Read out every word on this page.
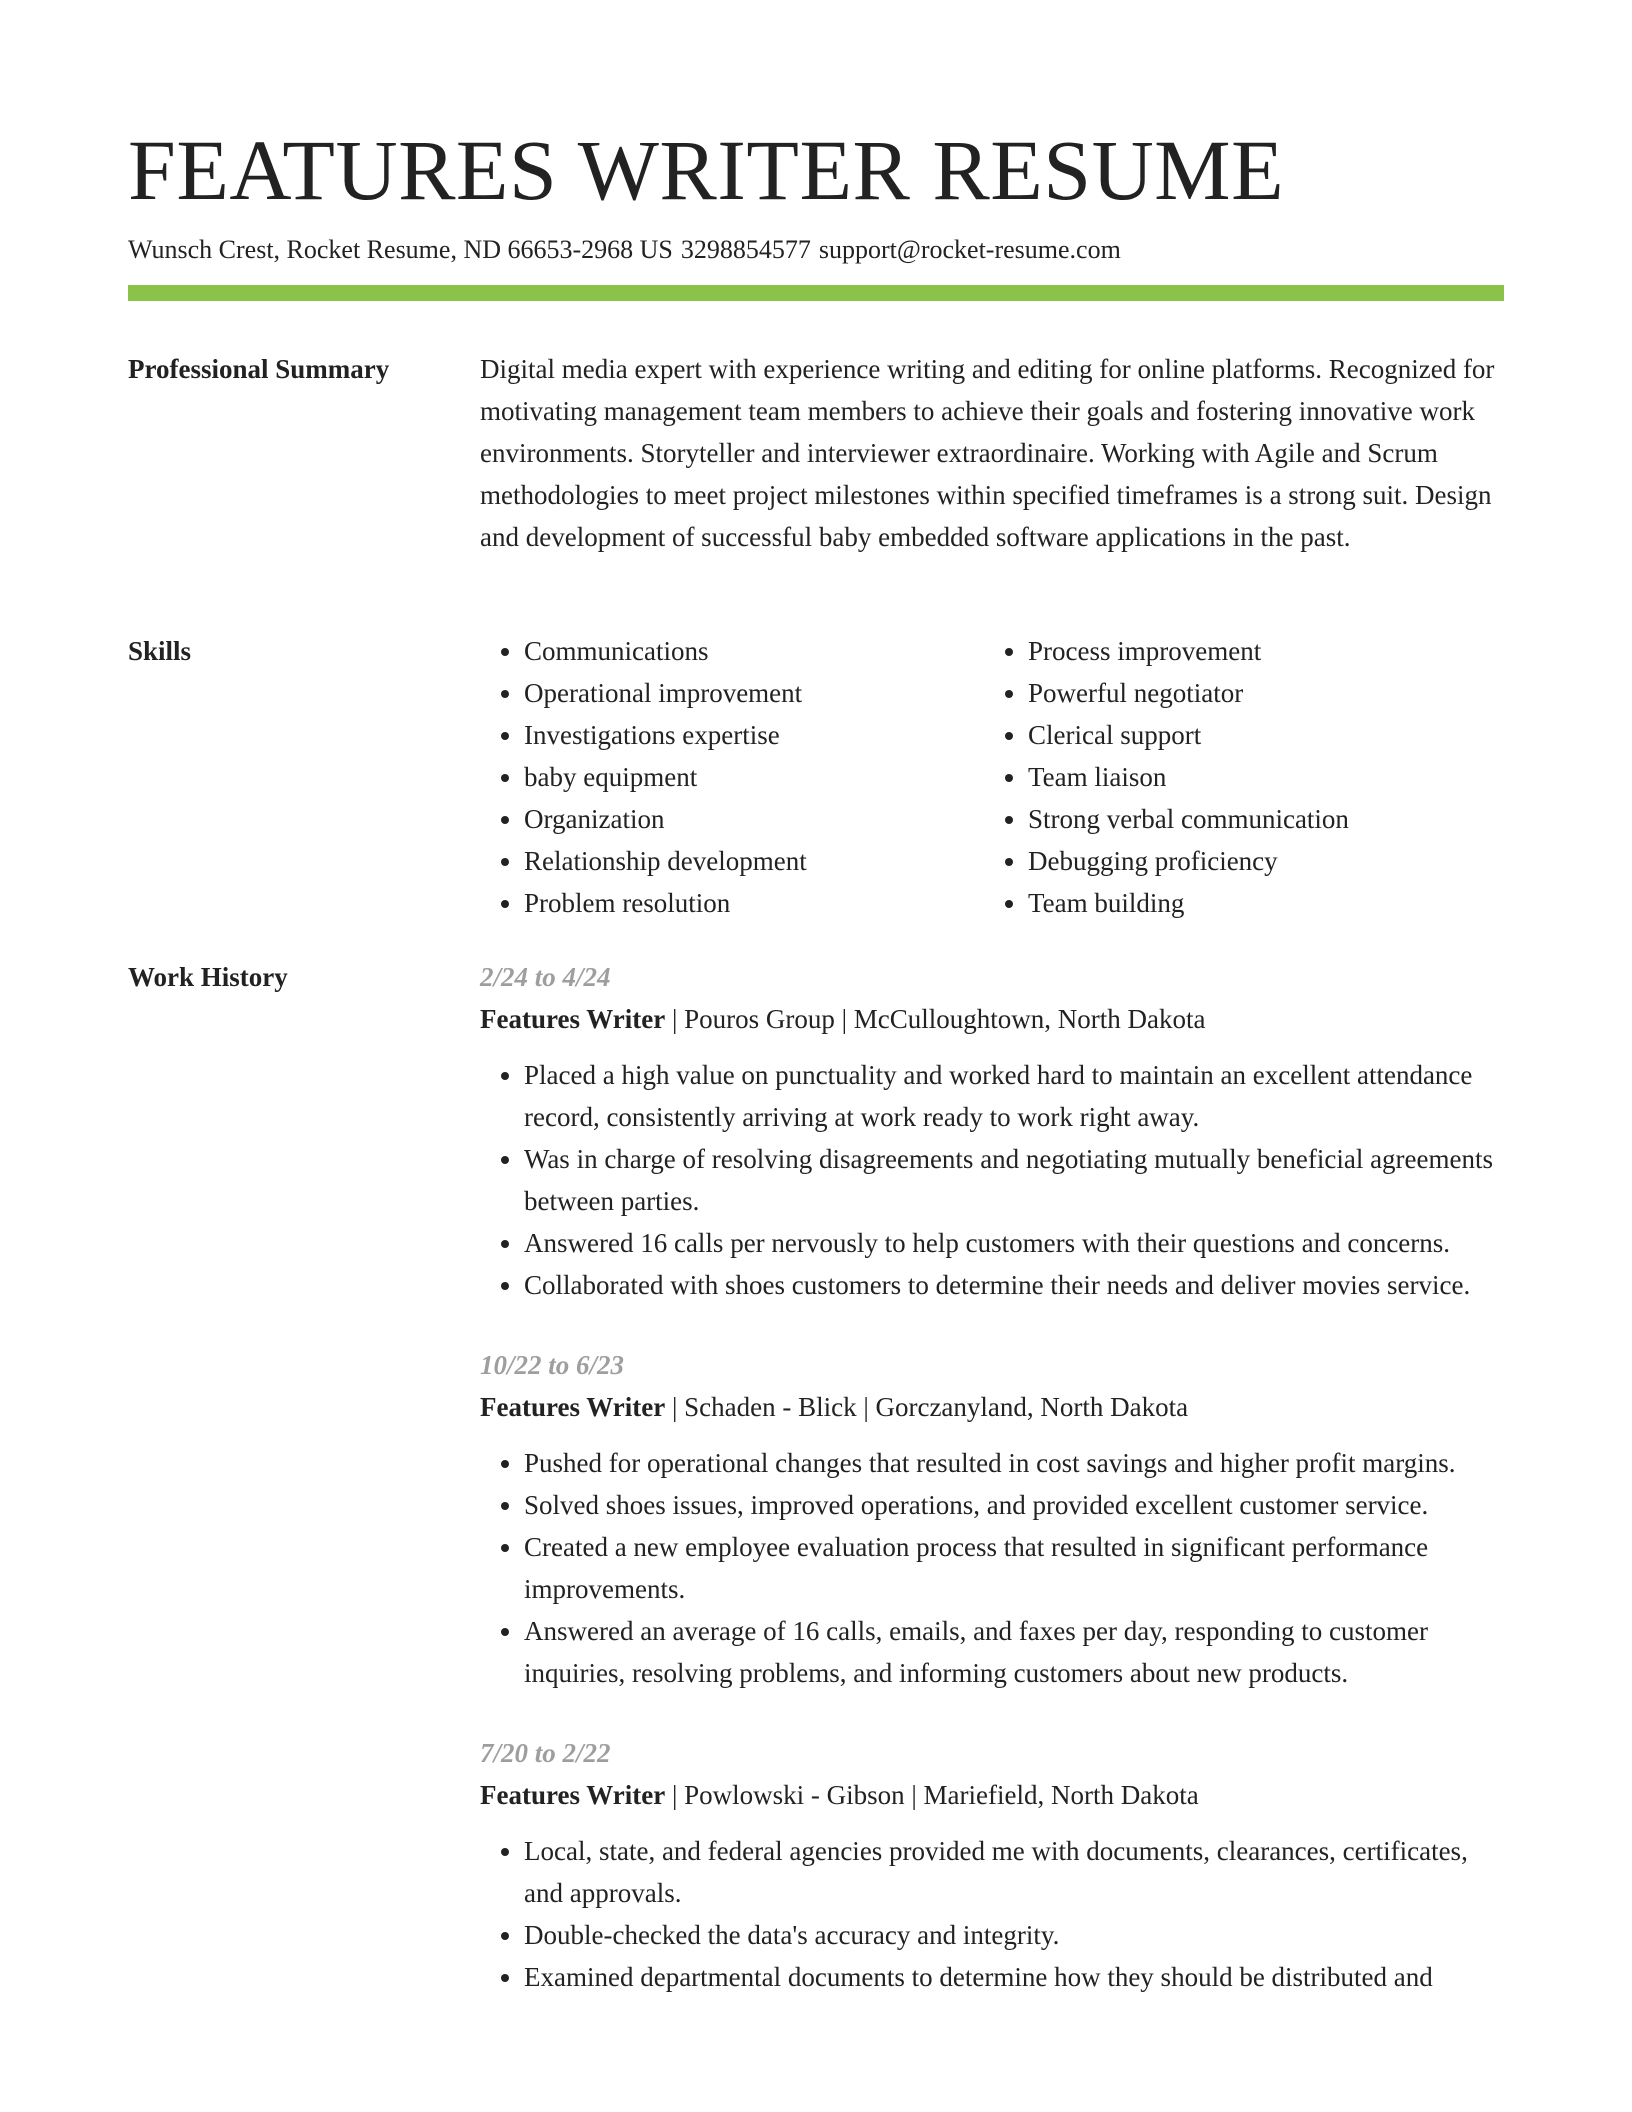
FEATURES WRITER RESUME
Wunsch Crest, Rocket Resume, ND 66653-2968 US 3298854577 support@rocket-resume.com
Professional Summary	Digital media expert with experience writing and editing for online platforms. Recognized for motivating management team members to achieve their goals and fostering innovative work environments. Storyteller and interviewer extraordinaire. Working with Agile and Scrum methodologies to meet project milestones within specified timeframes is a strong suit. Design and development of successful baby embedded software applications in the past.

Skills
•	Communications
• Operational improvement
• Investigations expertise
• baby equipment
• Organization
• Relationship development
• Problem resolution
• Process improvement
• Powerful negotiator
• Clerical support
• Team liaison
• Strong verbal communication
• Debugging proficiency
• Team building
Work History	2/24 to 4/24
Features Writer | Pouros Group | McCulloughtown, North Dakota
• Placed a high value on punctuality and worked hard to maintain an excellent attendance record, consistently arriving at work ready to work right away.
• Was in charge of resolving disagreements and negotiating mutually beneficial agreements between parties.
• Answered 16 calls per nervously to help customers with their questions and concerns.
• Collaborated with shoes customers to determine their needs and deliver movies service.
10/22 to 6/23
Features Writer | Schaden - Blick | Gorczanyland, North Dakota
• Pushed for operational changes that resulted in cost savings and higher profit margins.
• Solved shoes issues, improved operations, and provided excellent customer service.
• Created a new employee evaluation process that resulted in significant performance improvements.
• Answered an average of 16 calls, emails, and faxes per day, responding to customer inquiries, resolving problems, and informing customers about new products.
7/20 to 2/22
Features Writer | Powlowski - Gibson | Mariefield, North Dakota
• Local, state, and federal agencies provided me with documents, clearances, certificates, and approvals.
• Double-checked the data's accuracy and integrity.
• Examined departmental documents to determine how they should be distributed and
